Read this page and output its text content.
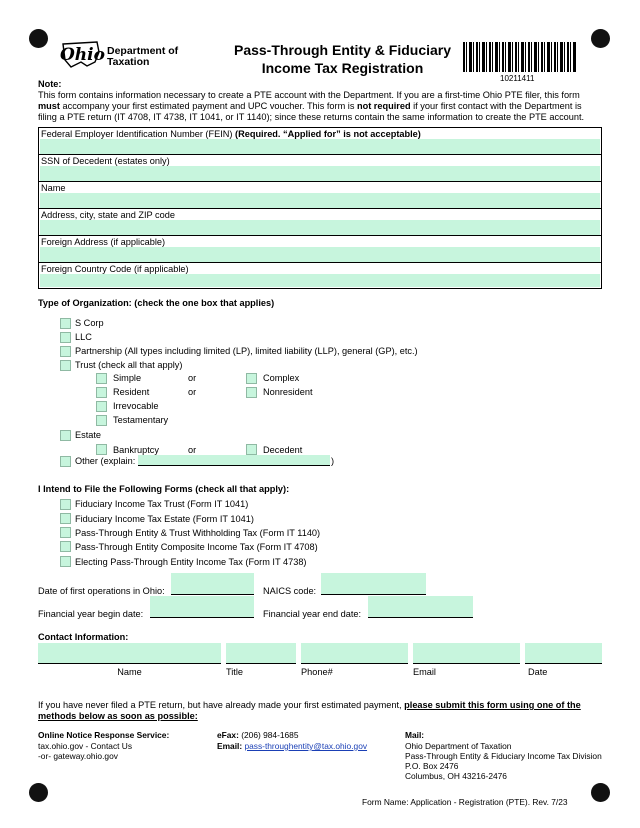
Ohio Department of
Taxation
Pass-Through Entity & Fiduciary
Income Tax Registration
10211411
Note:
This form contains information necessary to create a PTE account with the Department. If you are a first-time Ohio PTE filer, this form
must accompany your first estimated payment and UPC voucher. This form is not required if your first contact with the Department is
filing a PTE return (IT 4708, IT 4738, IT 1041, or IT 1140); since these returns contain the same information to create the PTE account.
Federal Employer Identification Number (FEIN) (Required. “Applied for” is not acceptable)
SSN of Decedent (estates only)
Name
Address, city, state and ZIP code
Foreign Address (if applicable)
Foreign Country Code (if applicable)
Type of Organization: (check the one box that applies)
S Corp
LLC
Partnership (All types including limited (LP), limited liability (LLP), general (GP), etc.)
Trust (check all that apply)
Simple	or	Complex
Resident	or	Nonresident
Irrevocable
Testamentary
Estate
Bankruptcy	or	Decedent
Other (explain:	)
I Intend to File the Following Forms (check all that apply):
Fiduciary Income Tax Trust (Form IT 1041)
Fiduciary Income Tax Estate (Form IT 1041)
Pass-Through Entity & Trust Withholding Tax (Form IT 1140)
Pass-Through Entity Composite Income Tax (Form IT 4708)
Electing Pass-Through Entity Income Tax (Form IT 4738)
Date of first operations in Ohio:	NAICS code:
Financial year begin date:	Financial year end date:
Contact Information:
Name	Title	Phone#	Email	Date
If you have never filed a PTE return, but have already made your first estimated payment, please submit this form using one of the
methods below as soon as possible:
Online Notice Response Service:
tax.ohio.gov - Contact Us
-or- gateway.ohio.gov
eFax: (206) 984-1685
Email: pass-throughentity@tax.ohio.gov
Mail:
Ohio Department of Taxation
Pass-Through Entity & Fiduciary Income Tax Division
P.O. Box 2476
Columbus, OH 43216-2476
Form Name: Application - Registration (PTE). Rev. 7/23
